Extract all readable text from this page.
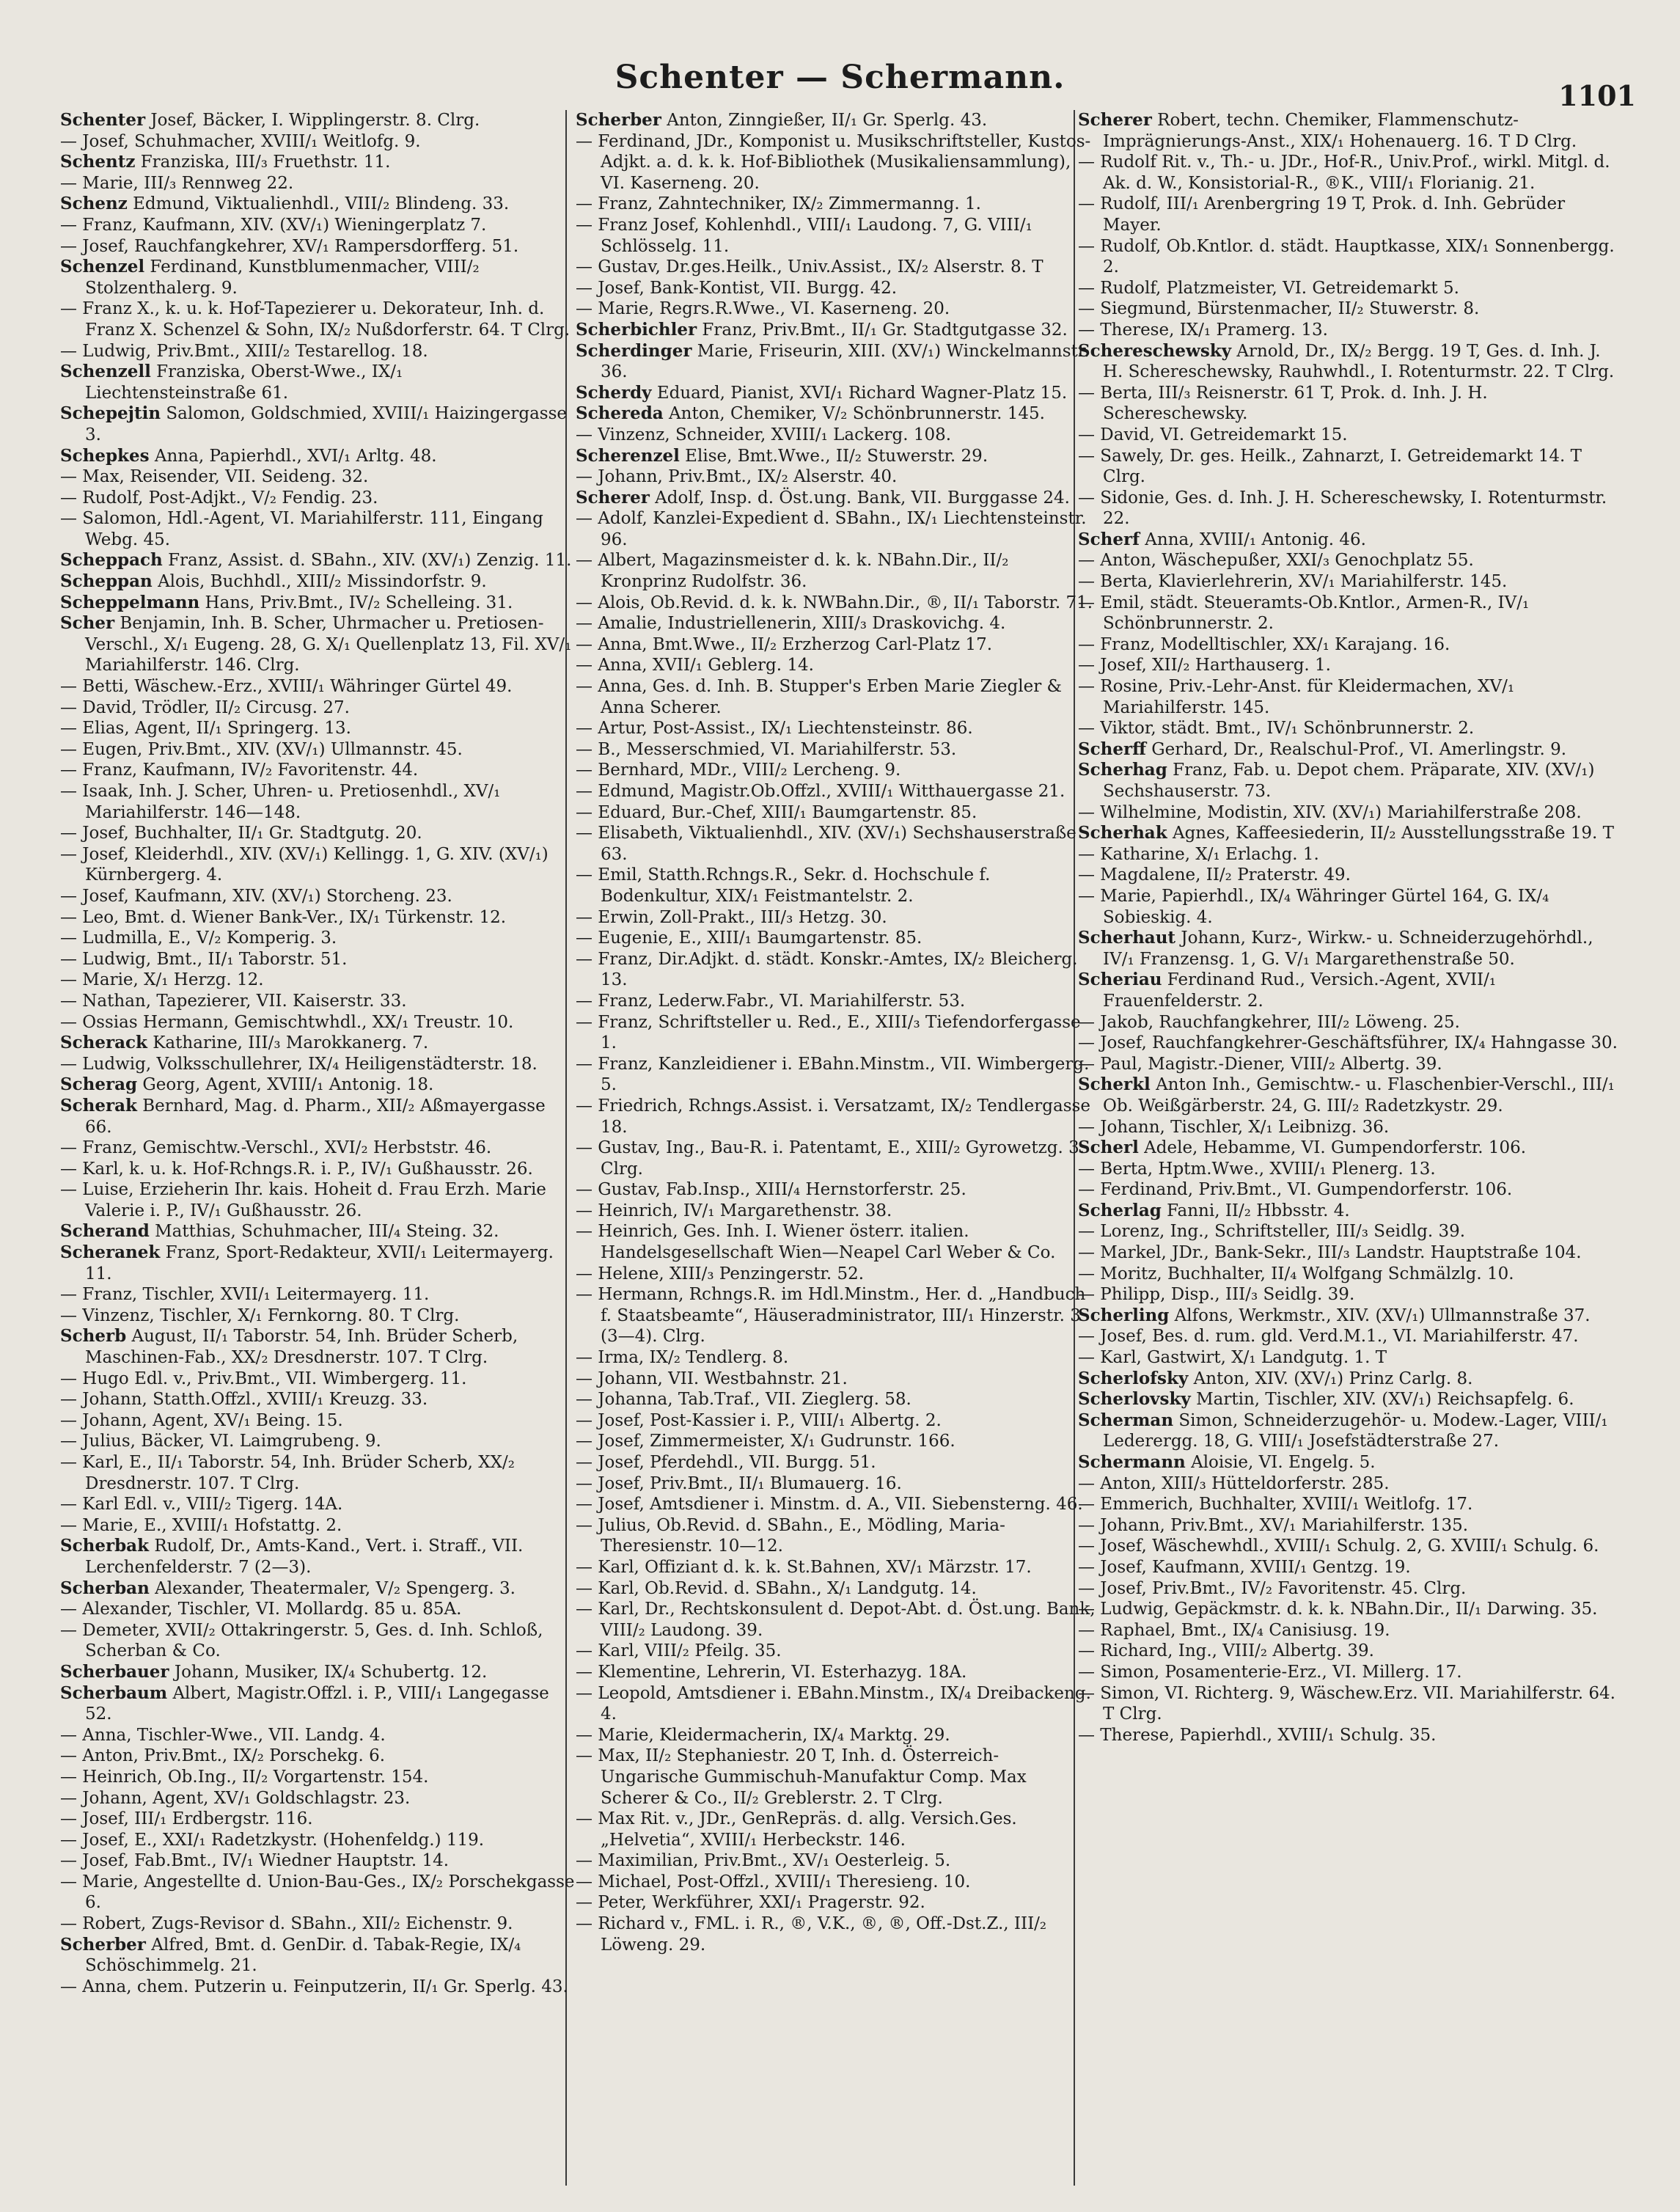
Schenter — Schermann.	1101

Schenter Josef, Bäcker, I. Wipplingerstr. 8. Clrg.

— Josef, Schuhmacher, XVIII/₁ Weitlofg. 9.

Schentz Franziska, III/₃ Fruethstr. 11.

— Marie, III/₃ Rennweg 22.

Schenz Edmund, Viktualienhdl., VIII/₂ Blindeng. 33.

— Franz, Kaufmann, XIV. (XV/₁) Wieningerplatz 7.

— Josef, Rauchfangkehrer, XV/₁ Rampersdorfferg. 51.

Schenzel Ferdinand, Kunstblumenmacher, VIII/₂ Stolzenthalerg. 9.

— Franz X., k. u. k. Hof-Tapezierer u. Dekorateur, Inh. d. Franz X. Schenzel & Sohn, IX/₂ Nußdorferstr. 64. T Clrg.

— Ludwig, Priv.Bmt., XIII/₂ Testarellog. 18.

Schenzell Franziska, Oberst-Wwe., IX/₁ Liechtensteinstraße 61.

Schepejtin Salomon, Goldschmied, XVIII/₁ Haizingergasse 3.

Schepkes Anna, Papierhdl., XVI/₁ Arltg. 48.

— Max, Reisender, VII. Seideng. 32.

— Rudolf, Post-Adjkt., V/₂ Fendig. 23.

— Salomon, Hdl.-Agent, VI. Mariahilferstr. 111, Eingang Webg. 45.

Scheppach Franz, Assist. d. SBahn., XIV. (XV/₁) Zenzig. 11.

Scheppan Alois, Buchhdl., XIII/₂ Missindorfstr. 9.

Scheppelmann Hans, Priv.Bmt., IV/₂ Schelleing. 31.

Scher Benjamin, Inh. B. Scher, Uhrmacher u. Pretiosen-Verschl., X/₁ Eugeng. 28, G. X/₁ Quellenplatz 13, Fil. XV/₁ Mariahilferstr. 146. Clrg.

— Betti, Wäschew.-Erz., XVIII/₁ Währinger Gürtel 49.

— David, Trödler, II/₂ Circusg. 27.

— Elias, Agent, II/₁ Springerg. 13.

— Eugen, Priv.Bmt., XIV. (XV/₁) Ullmannstr. 45.

— Franz, Kaufmann, IV/₂ Favoritenstr. 44.

— Isaak, Inh. J. Scher, Uhren- u. Pretiosenhdl., XV/₁ Mariahilferstr. 146—148.

— Josef, Buchhalter, II/₁ Gr. Stadtgutg. 20.

— Josef, Kleiderhdl., XIV. (XV/₁) Kellingg. 1, G. XIV. (XV/₁) Kürnbergerg. 4.

— Josef, Kaufmann, XIV. (XV/₁) Storcheng. 23.

— Leo, Bmt. d. Wiener Bank-Ver., IX/₁ Türkenstr. 12.

— Ludmilla, E., V/₂ Komperig. 3.

— Ludwig, Bmt., II/₁ Taborstr. 51.

— Marie, X/₁ Herzg. 12.

— Nathan, Tapezierer, VII. Kaiserstr. 33.

— Ossias Hermann, Gemischtwhdl., XX/₁ Treustr. 10.

Scherack Katharine, III/₃ Marokkanerg. 7.

— Ludwig, Volksschullehrer, IX/₄ Heiligenstädterstr. 18.

Scherag Georg, Agent, XVIII/₁ Antonig. 18.

Scherak Bernhard, Mag. d. Pharm., XII/₂ Aßmayergasse 66.

— Franz, Gemischtw.-Verschl., XVI/₂ Herbststr. 46.

— Karl, k. u. k. Hof-Rchngs.R. i. P., IV/₁ Gußhausstr. 26.

— Luise, Erzieherin Ihr. kais. Hoheit d. Frau Erzh. Marie Valerie i. P., IV/₁ Gußhausstr. 26.

Scherand Matthias, Schuhmacher, III/₄ Steing. 32.

Scheranek Franz, Sport-Redakteur, XVII/₁ Leitermayerg. 11.

— Franz, Tischler, XVII/₁ Leitermayerg. 11.

— Vinzenz, Tischler, X/₁ Fernkorng. 80. T Clrg.

Scherb August, II/₁ Taborstr. 54, Inh. Brüder Scherb, Maschinen-Fab., XX/₂ Dresdnerstr. 107. T Clrg.

— Hugo Edl. v., Priv.Bmt., VII. Wimbergerg. 11.

— Johann, Statth.Offzl., XVIII/₁ Kreuzg. 33.

— Johann, Agent, XV/₁ Being. 15.

— Julius, Bäcker, VI. Laimgrubeng. 9.

— Karl, E., II/₁ Taborstr. 54, Inh. Brüder Scherb, XX/₂ Dresdnerstr. 107. T Clrg.

— Karl Edl. v., VIII/₂ Tigerg. 14A.

— Marie, E., XVIII/₁ Hofstattg. 2.

Scherbak Rudolf, Dr., Amts-Kand., Vert. i. Straff., VII. Lerchenfelderstr. 7 (2—3).

Scherban Alexander, Theatermaler, V/₂ Spengerg. 3.

— Alexander, Tischler, VI. Mollardg. 85 u. 85A.

— Demeter, XVII/₂ Ottakringerstr. 5, Ges. d. Inh. Schloß, Scherban & Co.

Scherbauer Johann, Musiker, IX/₄ Schubertg. 12.

Scherbaum Albert, Magistr.Offzl. i. P., VIII/₁ Langegasse 52.

— Anna, Tischler-Wwe., VII. Landg. 4.

— Anton, Priv.Bmt., IX/₂ Porschekg. 6.

— Heinrich, Ob.Ing., II/₂ Vorgartenstr. 154.

— Johann, Agent, XV/₁ Goldschlagstr. 23.

— Josef, III/₁ Erdbergstr. 116.

— Josef, E., XXI/₁ Radetzkystr. (Hohenfeldg.) 119.

— Josef, Fab.Bmt., IV/₁ Wiedner Hauptstr. 14.

— Marie, Angestellte d. Union-Bau-Ges., IX/₂ Porschekgasse 6.

— Robert, Zugs-Revisor d. SBahn., XII/₂ Eichenstr. 9.

Scherber Alfred, Bmt. d. GenDir. d. Tabak-Regie, IX/₄ Schöschimmelg. 21.

— Anna, chem. Putzerin u. Feinputzerin, II/₁ Gr. Sperlg. 43.

Scherber Anton, Zinngießer, II/₁ Gr. Sperlg. 43.

— Ferdinand, JDr., Komponist u. Musikschriftsteller, Kustos-Adjkt. a. d. k. k. Hof-Bibliothek (Musikaliensammlung), VI. Kaserneng. 20.

— Franz, Zahntechniker, IX/₂ Zimmermanng. 1.

— Franz Josef, Kohlenhdl., VIII/₁ Laudong. 7, G. VIII/₁ Schlösselg. 11.

— Gustav, Dr.ges.Heilk., Univ.Assist., IX/₂ Alserstr. 8. T

— Josef, Bank-Kontist, VII. Burgg. 42.

— Marie, Regrs.R.Wwe., VI. Kaserneng. 20.

Scherbichler Franz, Priv.Bmt., II/₁ Gr. Stadtgutgasse 32.

Scherdinger Marie, Friseurin, XIII. (XV/₁) Winckelmannstr. 36.

Scherdy Eduard, Pianist, XVI/₁ Richard Wagner-Platz 15.

Schereda Anton, Chemiker, V/₂ Schönbrunnerstr. 145.

— Vinzenz, Schneider, XVIII/₁ Lackerg. 108.

Scherenzel Elise, Bmt.Wwe., II/₂ Stuwerstr. 29.

— Johann, Priv.Bmt., IX/₂ Alserstr. 40.

Scherer Adolf, Insp. d. Öst.ung. Bank, VII. Burggasse 24.

— Adolf, Kanzlei-Expedient d. SBahn., IX/₁ Liechtensteinstr. 96.

— Albert, Magazinsmeister d. k. k. NBahn.Dir., II/₂ Kronprinz Rudolfstr. 36.

— Alois, Ob.Revid. d. k. k. NWBahn.Dir., ®, II/₁ Taborstr. 71.

— Amalie, Industriellenerin, XIII/₃ Draskovichg. 4.

— Anna, Bmt.Wwe., II/₂ Erzherzog Carl-Platz 17.

— Anna, XVII/₁ Geblerg. 14.

— Anna, Ges. d. Inh. B. Stupper's Erben Marie Ziegler & Anna Scherer.

— Artur, Post-Assist., IX/₁ Liechtensteinstr. 86.

— B., Messerschmied, VI. Mariahilferstr. 53.

— Bernhard, MDr., VIII/₂ Lercheng. 9.

— Edmund, Magistr.Ob.Offzl., XVIII/₁ Witthauergasse 21.

— Eduard, Bur.-Chef, XIII/₁ Baumgartenstr. 85.

— Elisabeth, Viktualienhdl., XIV. (XV/₁) Sechshauserstraße 63.

— Emil, Statth.Rchngs.R., Sekr. d. Hochschule f. Bodenkultur, XIX/₁ Feistmantelstr. 2.

— Erwin, Zoll-Prakt., III/₃ Hetzg. 30.

— Eugenie, E., XIII/₁ Baumgartenstr. 85.

— Franz, Dir.Adjkt. d. städt. Konskr.-Amtes, IX/₂ Bleicherg. 13.

— Franz, Lederw.Fabr., VI. Mariahilferstr. 53.

— Franz, Schriftsteller u. Red., E., XIII/₃ Tiefendorfergasse 1.

— Franz, Kanzleidiener i. EBahn.Minstm., VII. Wimbergerg. 5.

— Friedrich, Rchngs.Assist. i. Versatzamt, IX/₂ Tendlergasse 18.

— Gustav, Ing., Bau-R. i. Patentamt, E., XIII/₂ Gyrowetzg. 3. Clrg.

— Gustav, Fab.Insp., XIII/₄ Hernstorferstr. 25.

— Heinrich, IV/₁ Margarethenstr. 38.

— Heinrich, Ges. Inh. I. Wiener österr. italien. Handelsgesellschaft Wien—Neapel Carl Weber & Co.

— Helene, XIII/₃ Penzingerstr. 52.

— Hermann, Rchngs.R. im Hdl.Minstm., Her. d. „Handbuch f. Staatsbeamte“, Häuseradministrator, III/₁ Hinzerstr. 3 (3—4). Clrg.

— Irma, IX/₂ Tendlerg. 8.

— Johann, VII. Westbahnstr. 21.

— Johanna, Tab.Traf., VII. Zieglerg. 58.

— Josef, Post-Kassier i. P., VIII/₁ Albertg. 2.

— Josef, Zimmermeister, X/₁ Gudrunstr. 166.

— Josef, Pferdehdl., VII. Burgg. 51.

— Josef, Priv.Bmt., II/₁ Blumauerg. 16.

— Josef, Amtsdiener i. Minstm. d. A., VII. Siebensterng. 46.

— Julius, Ob.Revid. d. SBahn., E., Mödling, Maria-Theresienstr. 10—12.

— Karl, Offiziant d. k. k. St.Bahnen, XV/₁ Märzstr. 17.

— Karl, Ob.Revid. d. SBahn., X/₁ Landgutg. 14.

— Karl, Dr., Rechtskonsulent d. Depot-Abt. d. Öst.ung. Bank, VIII/₂ Laudong. 39.

— Karl, VIII/₂ Pfeilg. 35.

— Klementine, Lehrerin, VI. Esterhazyg. 18A.

— Leopold, Amtsdiener i. EBahn.Minstm., IX/₄ Dreibackeng. 4.

— Marie, Kleidermacherin, IX/₄ Marktg. 29.

— Max, II/₂ Stephaniestr. 20 T, Inh. d. Österreich-Ungarische Gummischuh-Manufaktur Comp. Max Scherer & Co., II/₂ Greblerstr. 2. T Clrg.

— Max Rit. v., JDr., GenRepräs. d. allg. Versich.Ges. „Helvetia“, XVIII/₁ Herbeckstr. 146.

— Maximilian, Priv.Bmt., XV/₁ Oesterleig. 5.

— Michael, Post-Offzl., XVIII/₁ Theresieng. 10.

— Peter, Werkführer, XXI/₁ Pragerstr. 92.

— Richard v., FML. i. R., ®, V.K., ®, ®, Off.-Dst.Z., III/₂ Löweng. 29.

Scherer Robert, techn. Chemiker, Flammenschutz-Imprägnierungs-Anst., XIX/₁ Hohenauerg. 16. T D Clrg.

— Rudolf Rit. v., Th.- u. JDr., Hof-R., Univ.Prof., wirkl. Mitgl. d. Ak. d. W., Konsistorial-R., ®K., VIII/₁ Florianig. 21.

— Rudolf, III/₁ Arenbergring 19 T, Prok. d. Inh. Gebrüder Mayer.

— Rudolf, Ob.Kntlor. d. städt. Hauptkasse, XIX/₁ Sonnenbergg. 2.

— Rudolf, Platzmeister, VI. Getreidemarkt 5.

— Siegmund, Bürstenmacher, II/₂ Stuwerstr. 8.

— Therese, IX/₁ Pramerg. 13.

Schereschewsky Arnold, Dr., IX/₂ Bergg. 19 T, Ges. d. Inh. J. H. Schereschewsky, Rauhwhdl., I. Rotenturmstr. 22. T Clrg.

— Berta, III/₃ Reisnerstr. 61 T, Prok. d. Inh. J. H. Schereschewsky.

— David, VI. Getreidemarkt 15.

— Sawely, Dr. ges. Heilk., Zahnarzt, I. Getreidemarkt 14. T Clrg.

— Sidonie, Ges. d. Inh. J. H. Schereschewsky, I. Rotenturmstr. 22.

Scherf Anna, XVIII/₁ Antonig. 46.

— Anton, Wäschepußer, XXI/₃ Genochplatz 55.

— Berta, Klavierlehrerin, XV/₁ Mariahilferstr. 145.

— Emil, städt. Steueramts-Ob.Kntlor., Armen-R., IV/₁ Schönbrunnerstr. 2.

— Franz, Modelltischler, XX/₁ Karajang. 16.

— Josef, XII/₂ Harthauserg. 1.

— Rosine, Priv.-Lehr-Anst. für Kleidermachen, XV/₁ Mariahilferstr. 145.

— Viktor, städt. Bmt., IV/₁ Schönbrunnerstr. 2.

Scherff Gerhard, Dr., Realschul-Prof., VI. Amerlingstr. 9.

Scherhag Franz, Fab. u. Depot chem. Präparate, XIV. (XV/₁) Sechshauserstr. 73.

— Wilhelmine, Modistin, XIV. (XV/₁) Mariahilferstraße 208.

Scherhak Agnes, Kaffeesiederin, II/₂ Ausstellungsstraße 19. T

— Katharine, X/₁ Erlachg. 1.

— Magdalene, II/₂ Praterstr. 49.

— Marie, Papierhdl., IX/₄ Währinger Gürtel 164, G. IX/₄ Sobieskig. 4.

Scherhaut Johann, Kurz-, Wirkw.- u. Schneiderzugehörhdl., IV/₁ Franzensg. 1, G. V/₁ Margarethenstraße 50.

Scheriau Ferdinand Rud., Versich.-Agent, XVII/₁ Frauenfelderstr. 2.

— Jakob, Rauchfangkehrer, III/₂ Löweng. 25.

— Josef, Rauchfangkehrer-Geschäftsführer, IX/₄ Hahngasse 30.

— Paul, Magistr.-Diener, VIII/₂ Albertg. 39.

Scherkl Anton Inh., Gemischtw.- u. Flaschenbier-Verschl., III/₁ Ob. Weißgärberstr. 24, G. III/₂ Radetzkystr. 29.

— Johann, Tischler, X/₁ Leibnizg. 36.

Scherl Adele, Hebamme, VI. Gumpendorferstr. 106.

— Berta, Hptm.Wwe., XVIII/₁ Plenerg. 13.

— Ferdinand, Priv.Bmt., VI. Gumpendorferstr. 106.

Scherlag Fanni, II/₂ Hbbsstr. 4.

— Lorenz, Ing., Schriftsteller, III/₃ Seidlg. 39.

— Markel, JDr., Bank-Sekr., III/₃ Landstr. Hauptstraße 104.

— Moritz, Buchhalter, II/₄ Wolfgang Schmälzlg. 10.

— Philipp, Disp., III/₃ Seidlg. 39.

Scherling Alfons, Werkmstr., XIV. (XV/₁) Ullmannstraße 37.

— Josef, Bes. d. rum. gld. Verd.M.1., VI. Mariahilferstr. 47.

— Karl, Gastwirt, X/₁ Landgutg. 1. T

Scherlofsky Anton, XIV. (XV/₁) Prinz Carlg. 8.

Scherlovsky Martin, Tischler, XIV. (XV/₁) Reichsapfelg. 6.

Scherman Simon, Schneiderzugehör- u. Modew.-Lager, VIII/₁ Lederergg. 18, G. VIII/₁ Josefstädterstraße 27.

Schermann Aloisie, VI. Engelg. 5.

— Anton, XIII/₃ Hütteldorferstr. 285.

— Emmerich, Buchhalter, XVIII/₁ Weitlofg. 17.

— Johann, Priv.Bmt., XV/₁ Mariahilferstr. 135.

— Josef, Wäschewhdl., XVIII/₁ Schulg. 2, G. XVIII/₁ Schulg. 6.

— Josef, Kaufmann, XVIII/₁ Gentzg. 19.

— Josef, Priv.Bmt., IV/₂ Favoritenstr. 45. Clrg.

— Ludwig, Gepäckmstr. d. k. k. NBahn.Dir., II/₁ Darwing. 35.

— Raphael, Bmt., IX/₄ Canisiusg. 19.

— Richard, Ing., VIII/₂ Albertg. 39.

— Simon, Posamenterie-Erz., VI. Millerg. 17.

— Simon, VI. Richterg. 9, Wäschew.Erz. VII. Mariahilferstr. 64. T Clrg.

— Therese, Papierhdl., XVIII/₁ Schulg. 35.
